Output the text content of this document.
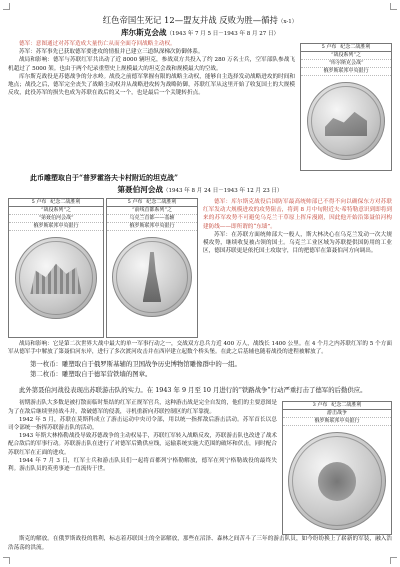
红色帝国生死记 12—盟友并战 反败为胜—循持（x-1）
库尔斯克会战（1943 年 7 月 5 日－1943 年 8 月 27 日）

德军：意图通过对苏军造成大量伤亡从而全面夺回战略主动权。

苏军：苏军事先已获取德军要进攻的情报并已建立三道纵深梯次防御体系。

战局和影响：德军与苏联红军共出动了近 8000 辆坦克，参战双方共投入了约 280 万名士兵，空军部队参战飞机超过了 5000 架。也由于两个纪录重塑史上规模最大的坦克会战和规模最大的空战。

库尔斯克战役是苏德战争的分水岭。战役之前德军掌握有限的战略主动权，能够自主选择发动战略进攻的时间和地点；战役之后，德军完全丧失了战略主动权并从战略进攻转为战略防御，苏联红军从这里开始了收复国土的大规模反攻，此役苏军的损失也成为苏联在战后的又一个，也是最后一个关键转折点。

5 卢布 纪念二战胜利
“战役系列”之
“库尔斯克会战”
俄罗斯联邦中央银行
此币雕塑取自于“普罗霍洛夫卡村附近的坦克战”
第聂伯河会战（1943 年 8 月 24 日－1943 年 12 月 23 日）
5 卢布 纪念二战胜利
“战役系列”之
“第聂伯河会战”
俄罗斯联邦中央银行
5 卢布 纪念二战胜利
“前线首都系列”之
乌克兰首都——基辅
俄罗斯联邦中央银行

德军：库尔斯克战役后国防军最高统帅部已不得不向以确保东方对苏联红军发动大规模进攻的攻势阻击，将到 8 月中旬附近夫·希特勒意识到即将到来的苏军攻势不可避免乌克兰干草原上挥斥漫剧，因此他开始沿第聂伯河构建防线——即所谓的“东墙”。

苏军：在苏联方面统帅部大一般人，斯大林决心在乌克兰发动一次大规模攻势，继续收复被占领的国土。乌克兰工业区域为苏联提供国防用的工业区，德国苏联更是依托国土攻取守，目的把德军在第聂伯河方向调出。

战局和影响：它是第二次世界大战中最大的单一军事行动之一，交战双方总兵力近 400 万人，战线长 1400 公里。在 4 个月之内苏联红军的 5 个方面军从德军手中解放了第聂伯河东岸，进行了多次渡河攻击并在西岸建立起数个桥头堡。在此之后基辅也随着战役的进程被解放了。

第一枚币：雕塑取自于俄罗斯基辅的卫国战争历史博物馆雕像群中的一组。

第二枚币：雕塑取自于德军营铁墙的图章。

此外第聂伯河战役表现出苏联游击队的实力。在 1943 年 9 月至 10 月进行的“铁路战争”行动严重打击了德军的后勤供应。

初期游击队大多数是被打散而临时集结的红军正规军官兵，这种游击战是完全自发的，他们的主要意图是为了在敌后继续坚持战斗并，敌破德军的侵袭，寻机重新向苏联控制区的红军靠拢。

1942 年 5 月，苏联在莫斯科成立了游击运动中央司令部，用以统一指挥敌后游击活动。苏军首长以总司令部统一指挥苏联游击队的活动。

1943 年斯大林格勒战役导致苏德战争的主动权易手，苏联红军转入战略反攻，苏联游击队也改进了战术配合敌后的军事行动。苏联游击队在进行了对德军后勤供应线，运输系统实施大范围的破坏和伏击，同时配合苏联红军在正面的进攻。

1944 年 7 月 3 日，红军士兵和游击队员们一起将首都列宁格勒解放，德军在列宁格勒战役的最终失利。游击队员的英勇事迹一直流传于世。

3 卢布 纪念二战胜利
游击战争
俄罗斯联邦中央银行

斯克的解放。在俄罗斯战役的胜利，标志着苏联国土的全部解放，那些在沼泽、森林之间苦斗了三年的游击队员，如今纷纷换上了崭新的军装，融入浩浩荡荡的洪流。
